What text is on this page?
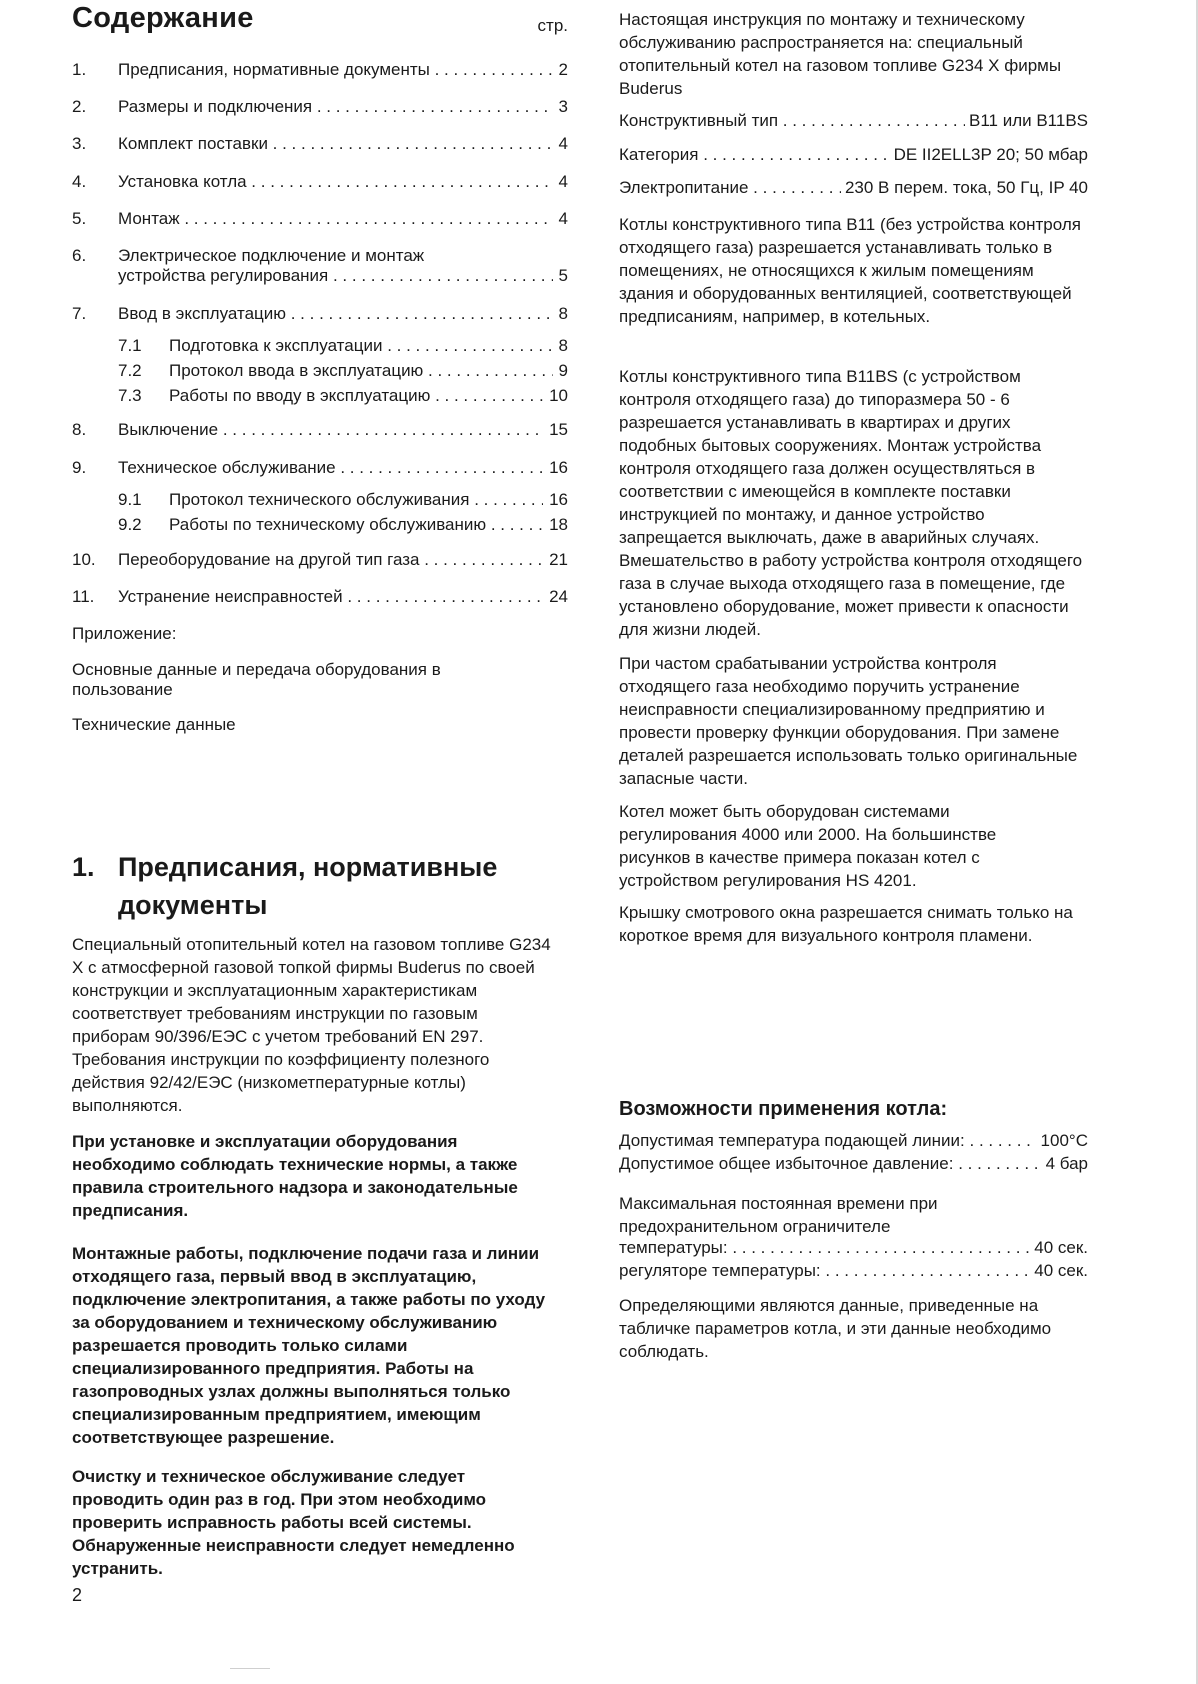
Содержание	стр.
1. Предписания, нормативные документы . . .	2
2. Размеры и подключения . . .	3
3. Комплект поставки . . .	4
4. Установка котла . . .	4
5. Монтаж . . .	4
6. Электрическое подключение и монтаж
устройства регулирования . . .	5
7. Ввод в эксплуатацию . . .	8
7.1 Подготовка к эксплуатации . . .	8
7.2 Протокол ввода в эксплуатацию . . .	9
7.3 Работы по вводу в эксплуатацию . . .	10
8. Выключение . . .	15
9. Техническое обслуживание . . .	16
9.1 Протокол технического обслуживания . . .	16
9.2 Работы по техническому обслуживанию . . .	18
10. Переоборудование на другой тип газа . . .	21
11. Устранение неисправностей . . .	24
Приложение:
Основные данные и передача оборудования в пользование
Технические данные
1. Предписания, нормативные документы
Специальный отопительный котел на газовом топливе G234 X с атмосферной газовой топкой фирмы Buderus по своей конструкции и эксплуатационным характеристикам соответствует требованиям инструкции по газовым приборам 90/396/ЕЭС с учетом требований EN 297. Требования инструкции по коэффициенту полезного действия 92/42/ЕЭС (низкометпературные котлы) выполняются.
При установке и эксплуатации оборудования необходимо соблюдать технические нормы, а также правила строительного надзора и законодательные предписания.
Монтажные работы, подключение подачи газа и линии отходящего газа, первый ввод в эксплуатацию, подключение электропитания, а также работы по уходу за оборудованием и техническому обслуживанию разрешается проводить только силами специализированного предприятия. Работы на газопроводных узлах должны выполняться только специализированным предприятием, имеющим соответствующее разрешение.
Очистку и техническое обслуживание следует проводить один раз в год. При этом необходимо проверить исправность работы всей системы. Обнаруженные неисправности следует немедленно устранить.
Настоящая инструкция по монтажу и техническому обслуживанию распространяется на: специальный отопительный котел на газовом топливе G234 X фирмы Buderus
Конструктивный тип . . .	B11 или B11BS
Категория . . .	DE II2ELL3P 20; 50 мбар
Электропитание . . .	230 В перем. тока, 50 Гц, IP 40
Котлы конструктивного типа B11 (без устройства контроля отходящего газа) разрешается устанавливать только в помещениях, не относящихся к жилым помещениям здания и оборудованных вентиляцией, соответствующей предписаниям, например, в котельных.
Котлы конструктивного типа B11BS (с устройством контроля отходящего газа) до типоразмера 50 - 6 разрешается устанавливать в квартирах и других подобных бытовых сооружениях. Монтаж устройства контроля отходящего газа должен осуществляться в соответствии с имеющейся в комплекте поставки инструкцией по монтажу, и данное устройство запрещается выключать, даже в аварийных случаях. Вмешательство в работу устройства контроля отходящего газа в случае выхода отходящего газа в помещение, где установлено оборудование, может привести к опасности для жизни людей.
При частом срабатывании устройства контроля отходящего газа необходимо поручить устранение неисправности специализированному предприятию и провести проверку функции оборудования. При замене деталей разрешается использовать только оригинальные запасные части.
Котел может быть оборудован системами регулирования 4000 или 2000. На большинстве рисунков в качестве примера показан котел с устройством регулирования HS 4201.
Крышку смотрового окна разрешается снимать только на короткое время для визуального контроля пламени.
Возможности применения котла:
Допустимая температура подающей линии: . . .	100°C
Допустимое общее избыточное давление: . . .	4 бар
Максимальная постоянная времени при предохранительном ограничителе
температуры: . . .	40 сек.
регуляторе температуры: . . .	40 сек.
Определяющими являются данные, приведенные на табличке параметров котла, и эти данные необходимо соблюдать.
2
